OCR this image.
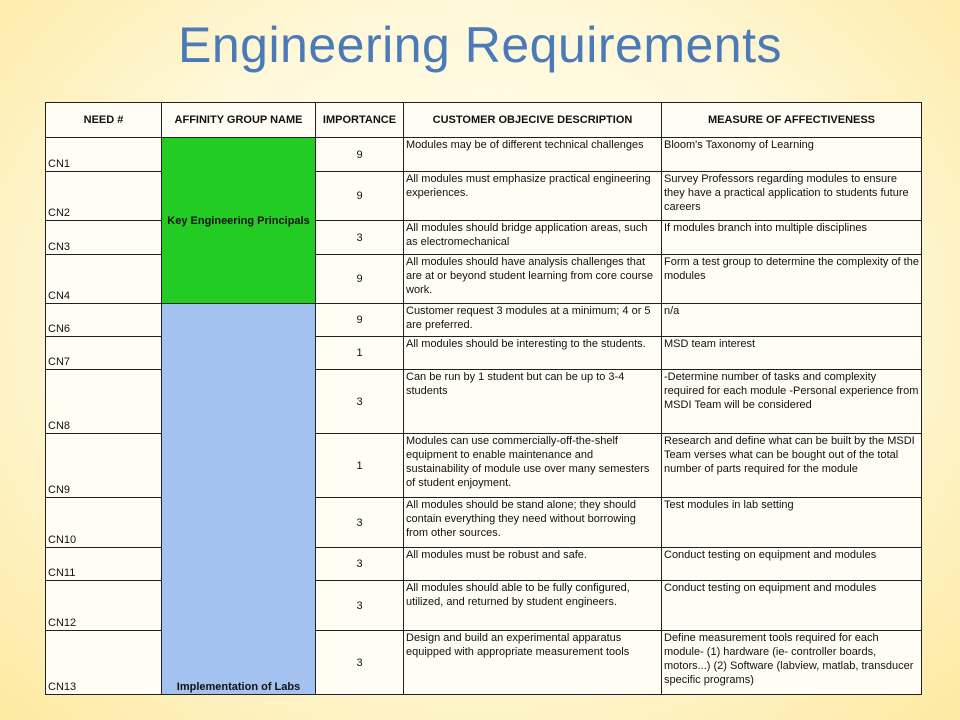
Engineering Requirements
NEED #	AFFINITY GROUP NAME	IMPORTANCE	CUSTOMER OBJECIVE DESCRIPTION	MEASURE OF AFFECTIVENESS
CN1	Key Engineering Principals	9	Modules may be of different technical challenges	Bloom's Taxonomy of Learning
CN2		9	All modules must emphasize practical engineering experiences.	Survey Professors regarding modules to ensure they have a practical application to students future careers
CN3		3	All modules should bridge application areas, such as electromechanical	If modules branch into multiple disciplines
CN4		9	All modules should have analysis challenges that are at or beyond student learning from core course work.	Form a test group to determine the complexity of the modules
CN6	Implementation of Labs	9	Customer request 3 modules at a minimum; 4 or 5 are preferred.	n/a
CN7		1	All modules should be interesting to the students.	MSD team interest
CN8		3	Can be run by 1 student but can be up to 3-4 students	-Determine number of tasks and complexity required for each module -Personal experience from MSDI Team will be considered
CN9		1	Modules can use commercially-off-the-shelf equipment to enable maintenance and sustainability of module use over many semesters of student enjoyment.	Research and define what can be built by the MSDI Team verses what can be bought out of the total number of parts required for the module
CN10		3	All modules should be stand alone; they should contain everything they need without borrowing from other sources.	Test modules in lab setting
CN11		3	All modules must be robust and safe.	Conduct testing on equipment and modules
CN12		3	All modules should able to be fully configured, utilized, and returned by student engineers.	Conduct testing on equipment and modules
CN13		3	Design and build an experimental apparatus equipped with appropriate measurement tools	Define measurement tools required for each module- (1) hardware (ie- controller boards, motors...) (2) Software (labview, matlab, transducer specific programs)
